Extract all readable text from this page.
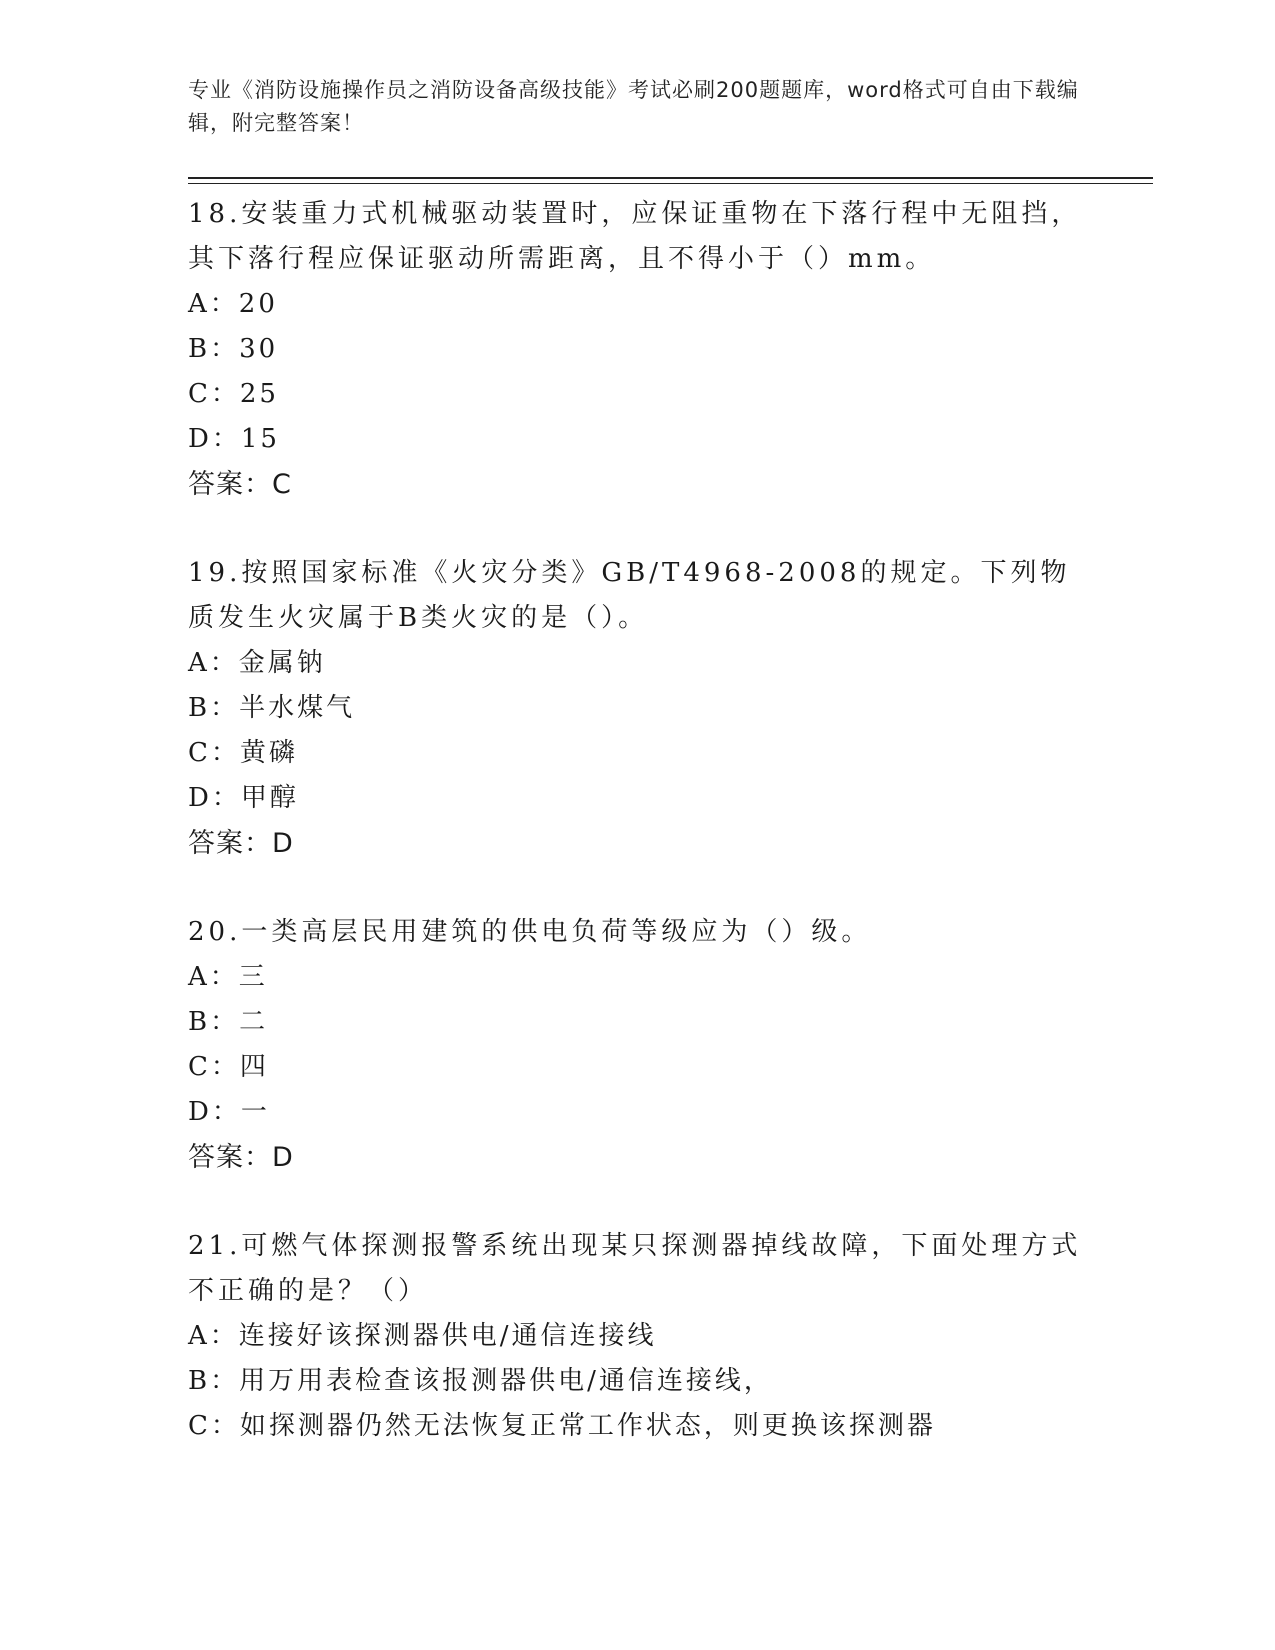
专业《消防设施操作员之消防设备高级技能》考试必刷200题题库，word格式可自由下载编辑，附完整答案！
18.安装重力式机械驱动装置时，应保证重物在下落行程中无阻挡，其下落行程应保证驱动所需距离，且不得小于（）mm。
A：20
B：30
C：25
D：15
答案：C
19.按照国家标准《火灾分类》GB/T4968-2008的规定。下列物质发生火灾属于B类火灾的是（）。
A：金属钠
B：半水煤气
C：黄磷
D：甲醇
答案：D
20.一类高层民用建筑的供电负荷等级应为（）级。
A：三
B：二
C：四
D：一
答案：D
21.可燃气体探测报警系统出现某只探测器掉线故障，下面处理方式不正确的是？（）
A：连接好该探测器供电/通信连接线
B：用万用表检查该报测器供电/通信连接线，
C：如探测器仍然无法恢复正常工作状态，则更换该探测器
